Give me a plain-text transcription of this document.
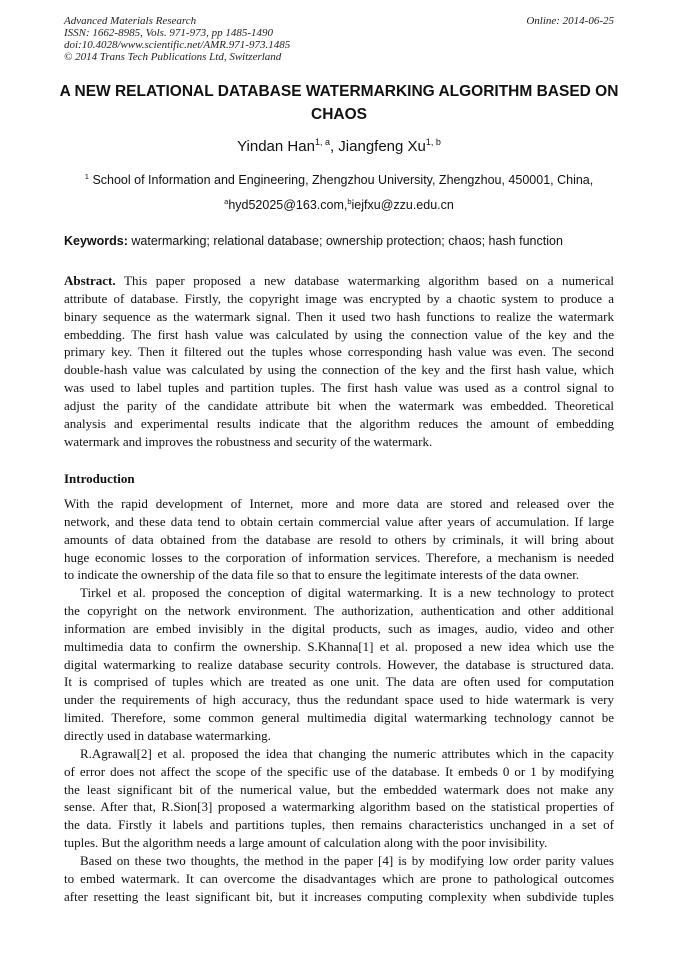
Advanced Materials Research
ISSN: 1662-8985, Vols. 971-973, pp 1485-1490
doi:10.4028/www.scientific.net/AMR.971-973.1485
© 2014 Trans Tech Publications Ltd, Switzerland
Online: 2014-06-25
A NEW RELATIONAL DATABASE WATERMARKING ALGORITHM BASED ON CHAOS
Yindan Han$^{1, a}$, Jiangfeng Xu$^{1, b}$
$^1$ School of Information and Engineering, Zhengzhou University, Zhengzhou, 450001, China,
$^a$hyd52025@163.com,$^b$iejfxu@zzu.edu.cn
Keywords: watermarking; relational database; ownership protection; chaos; hash function
Abstract. This paper proposed a new database watermarking algorithm based on a numerical
attribute of database. Firstly, the copyright image was encrypted by a chaotic system to produce a
binary sequence as the watermark signal. Then it used two hash functions to realize the watermark
embedding. The first hash value was calculated by using the connection value of the key and the
primary key. Then it filtered out the tuples whose corresponding hash value was even. The second
double-hash value was calculated by using the connection of the key and the first hash value, which
was used to label tuples and partition tuples. The first hash value was used as a control signal to
adjust the parity of the candidate attribute bit when the watermark was embedded. Theoretical
analysis and experimental results indicate that the algorithm reduces the amount of embedding
watermark and improves the robustness and security of the watermark.
Introduction
With the rapid development of Internet, more and more data are stored and released over the
network, and these data tend to obtain certain commercial value after years of accumulation. If large
amounts of data obtained from the database are resold to others by criminals, it will bring about
huge economic losses to the corporation of information services. Therefore, a mechanism is needed
to indicate the ownership of the data file so that to ensure the legitimate interests of the data owner.
Tirkel et al. proposed the conception of digital watermarking. It is a new technology to protect
the copyright on the network environment. The authorization, authentication and other additional
information are embed invisibly in the digital products, such as images, audio, video and other
multimedia data to confirm the ownership. S.Khanna[1] et al. proposed a new idea which use the
digital watermarking to realize database security controls. However, the database is structured data.
It is comprised of tuples which are treated as one unit. The data are often used for computation
under the requirements of high accuracy, thus the redundant space used to hide watermark is very
limited. Therefore, some common general multimedia digital watermarking technology cannot be
directly used in database watermarking.
R.Agrawal[2] et al. proposed the idea that changing the numeric attributes which in the capacity
of error does not affect the scope of the specific use of the database. It embeds 0 or 1 by modifying
the least significant bit of the numerical value, but the embedded watermark does not make any
sense. After that, R.Sion[3] proposed a watermarking algorithm based on the statistical properties of
the data. Firstly it labels and partitions tuples, then remains characteristics unchanged in a set of
tuples. But the algorithm needs a large amount of calculation along with the poor invisibility.
Based on these two thoughts, the method in the paper [4] is by modifying low order parity values
to embed watermark. It can overcome the disadvantages which are prone to pathological outcomes
after resetting the least significant bit, but it increases computing complexity when subdivide tuples
